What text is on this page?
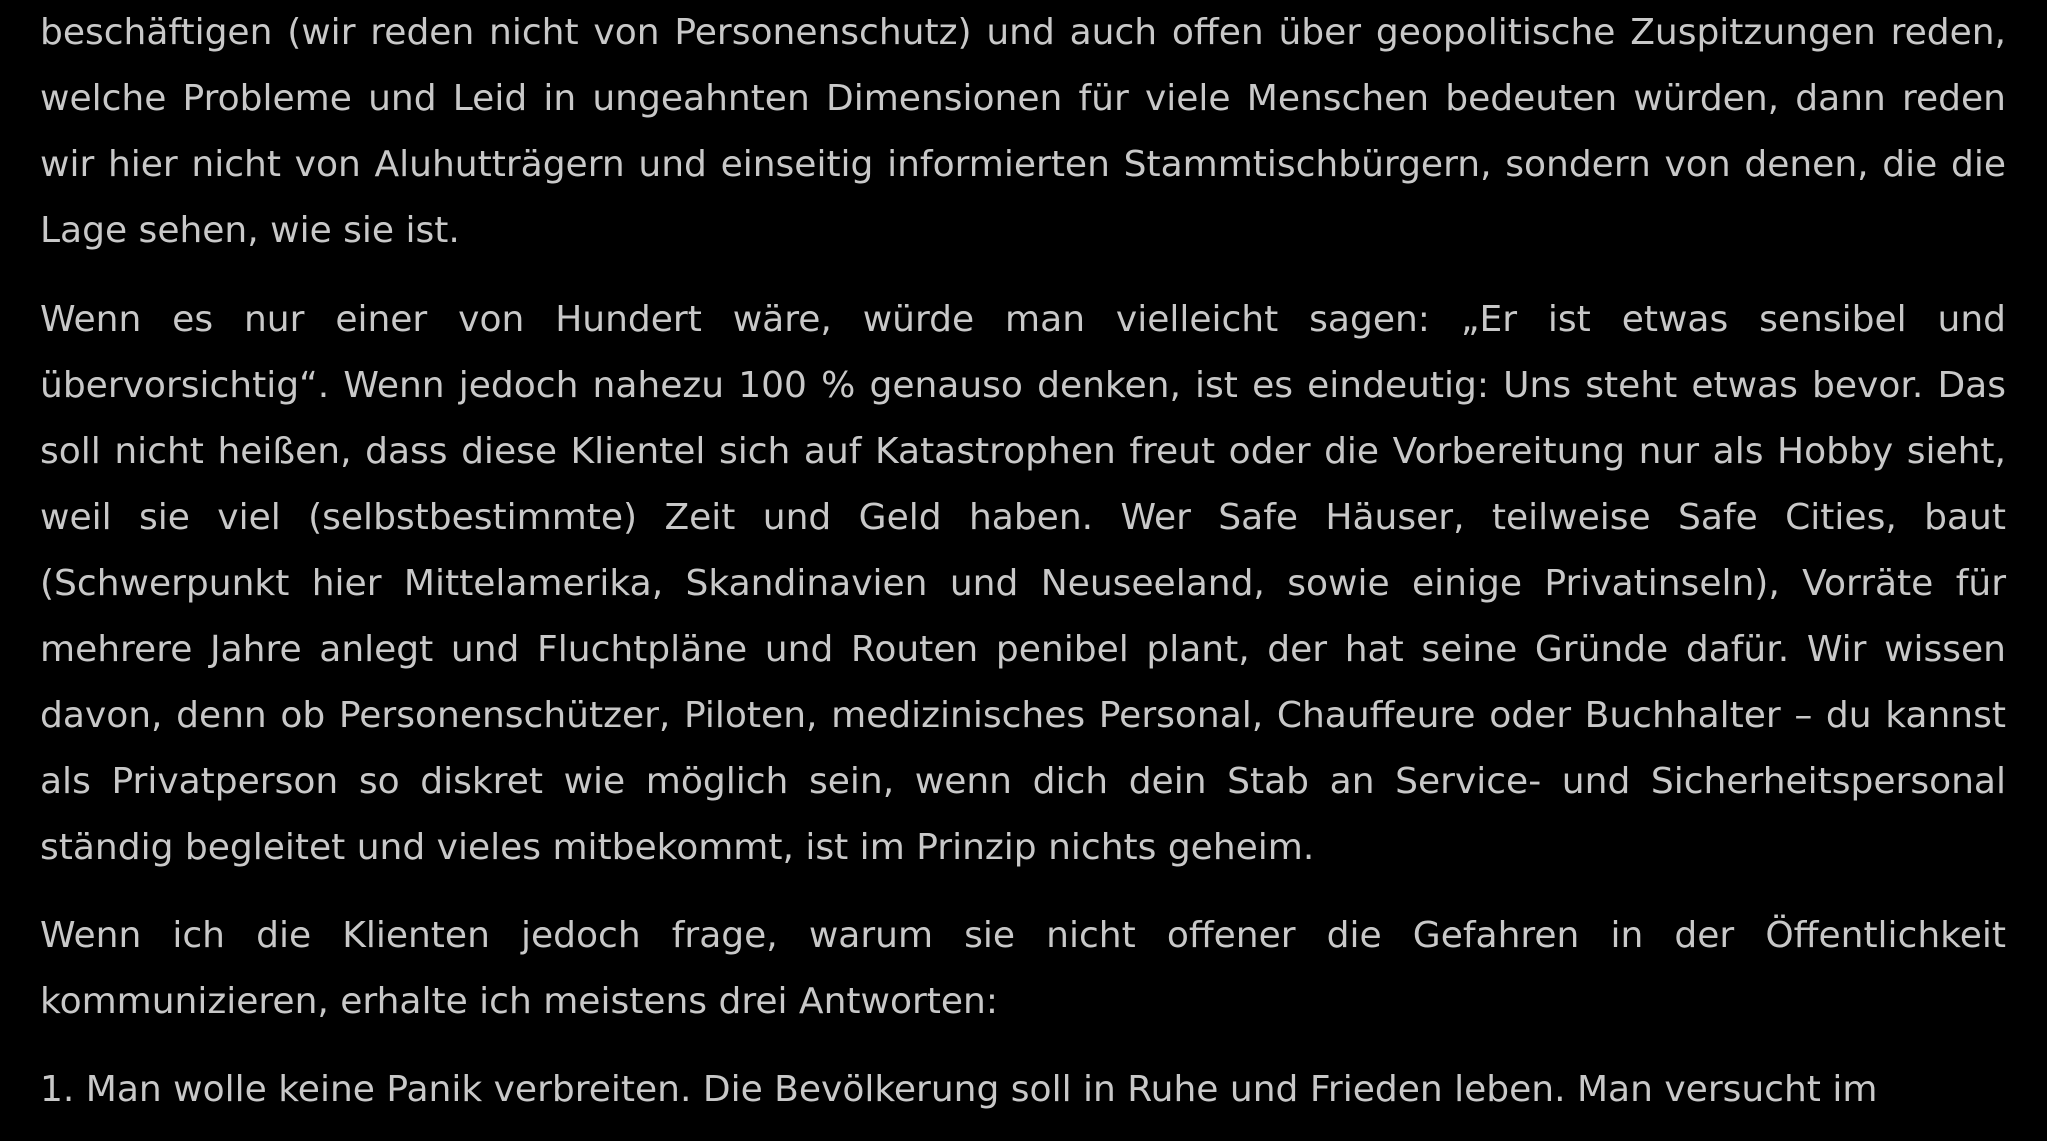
beschäftigen (wir reden nicht von Personenschutz) und auch offen über geopolitische Zuspitzungen reden, welche Probleme und Leid in ungeahnten Dimensionen für viele Menschen bedeuten würden, dann reden wir hier nicht von Aluhutträgern und einseitig informierten Stammtischbürgern, sondern von denen, die die Lage sehen, wie sie ist.

Wenn es nur einer von Hundert wäre, würde man vielleicht sagen: „Er ist etwas sensibel und übervorsichtig“. Wenn jedoch nahezu 100 % genauso denken, ist es eindeutig: Uns steht etwas bevor. Das soll nicht heißen, dass diese Klientel sich auf Katastrophen freut oder die Vorbereitung nur als Hobby sieht, weil sie viel (selbstbestimmte) Zeit und Geld haben. Wer Safe Häuser, teilweise Safe Cities, baut (Schwerpunkt hier Mittelamerika, Skandinavien und Neuseeland, sowie einige Privatinseln), Vorräte für mehrere Jahre anlegt und Fluchtpläne und Routen penibel plant, der hat seine Gründe dafür. Wir wissen davon, denn ob Personenschützer, Piloten, medizinisches Personal, Chauffeure oder Buchhalter – du kannst als Privatperson so diskret wie möglich sein, wenn dich dein Stab an Service- und Sicherheitspersonal ständig begleitet und vieles mitbekommt, ist im Prinzip nichts geheim.

Wenn ich die Klienten jedoch frage, warum sie nicht offener die Gefahren in der Öffentlichkeit kommunizieren, erhalte ich meistens drei Antworten:

1. Man wolle keine Panik verbreiten. Die Bevölkerung soll in Ruhe und Frieden leben. Man versucht im
